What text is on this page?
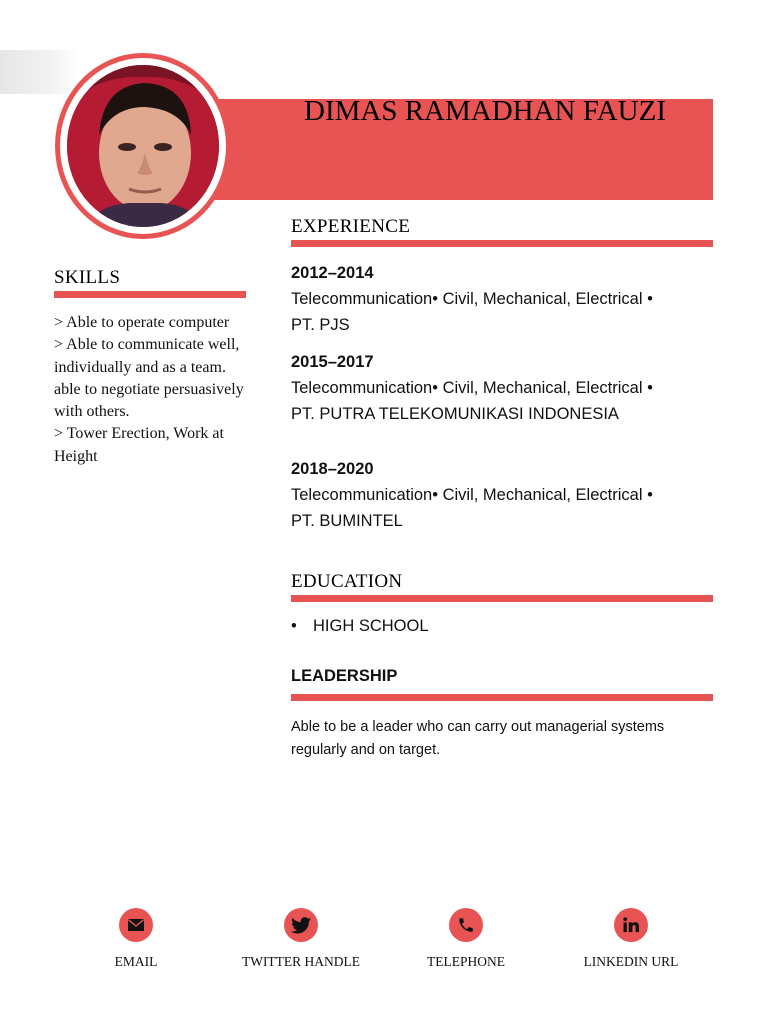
DIMAS RAMADHAN FAUZI
EXPERIENCE
SKILLS
> Able to operate computer
> Able to communicate well, individually and as a team. able to negotiate persuasively with others.
> Tower Erection, Work at Height
2012–2014
Telecommunication• Civil, Mechanical, Electrical •
PT. PJS
2015–2017
Telecommunication• Civil, Mechanical, Electrical •
PT. PUTRA TELEKOMUNIKASI INDONESIA
2018–2020
Telecommunication• Civil, Mechanical, Electrical •
PT. BUMINTEL
EDUCATION
• HIGH SCHOOL
LEADERSHIP

Able to be a leader who can carry out managerial systems regularly and on target.

EMAIL	TWITTER HANDLE	TELEPHONE	LINKEDIN URL
